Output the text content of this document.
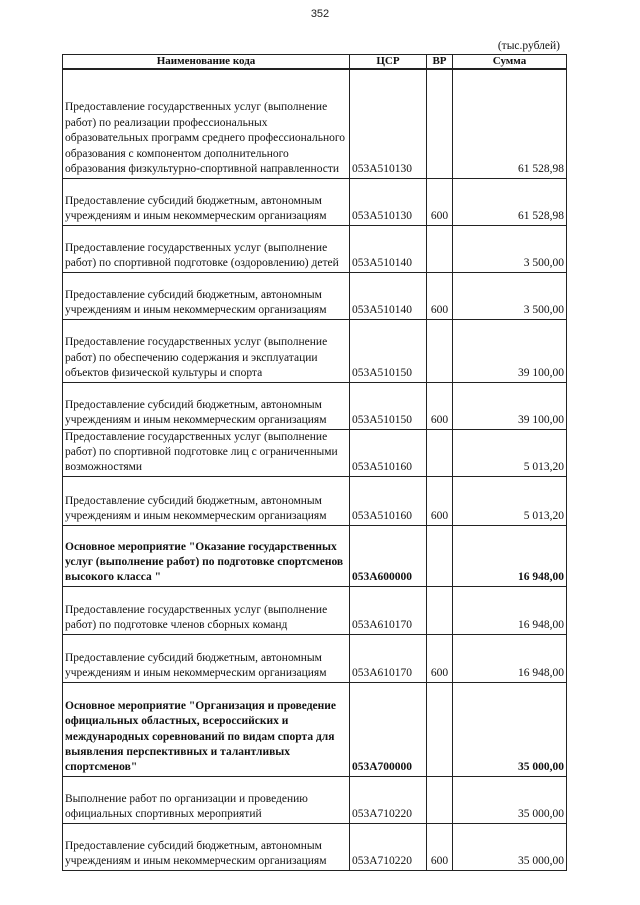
352
(тыс.рублей)
Наименование кода	ЦСР	ВР	Сумма
Предоставление государственных услуг (выполнение работ) по реализации профессиональных образовательных программ среднего профессионального образования с компонентом дополнительного образования физкультурно-спортивной направленности	053А510130		61 528,98
Предоставление субсидий бюджетным, автономным учреждениям и иным некоммерческим организациям	053А510130	600	61 528,98
Предоставление государственных услуг (выполнение работ) по спортивной подготовке (оздоровлению) детей	053А510140		3 500,00
Предоставление субсидий бюджетным, автономным учреждениям и иным некоммерческим организациям	053А510140	600	3 500,00
Предоставление государственных услуг (выполнение работ) по обеспечению содержания и эксплуатации объектов физической культуры и спорта	053А510150		39 100,00
Предоставление субсидий бюджетным, автономным учреждениям и иным некоммерческим организациям	053А510150	600	39 100,00
Предоставление государственных услуг (выполнение работ) по спортивной подготовке лиц с ограниченными возможностями	053А510160		5 013,20
Предоставление субсидий бюджетным, автономным учреждениям и иным некоммерческим организациям	053А510160	600	5 013,20
Основное мероприятие "Оказание государственных услуг (выполнение работ) по подготовке спортсменов высокого класса "	053А600000		16 948,00
Предоставление государственных услуг (выполнение работ) по подготовке членов сборных команд	053А610170		16 948,00
Предоставление субсидий бюджетным, автономным учреждениям и иным некоммерческим организациям	053А610170	600	16 948,00
Основное мероприятие "Организация и проведение официальных областных, всероссийских и международных соревнований по видам спорта для выявления перспективных и талантливых спортсменов"	053А700000		35 000,00
Выполнение работ по организации и проведению официальных спортивных мероприятий	053А710220		35 000,00
Предоставление субсидий бюджетным, автономным учреждениям и иным некоммерческим организациям	053А710220	600	35 000,00
